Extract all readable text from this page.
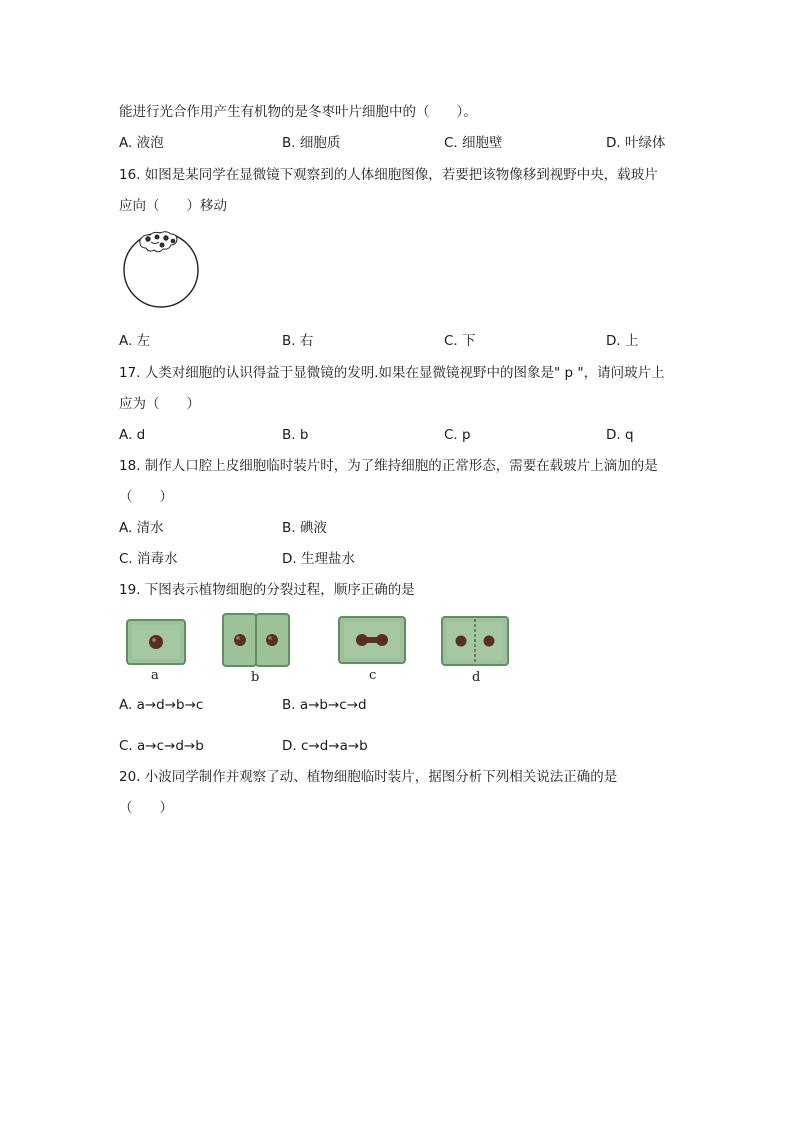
能进行光合作用产生有机物的是冬枣叶片细胞中的（　　）。
A. 液泡	B. 细胞质	C. 细胞壁	D. 叶绿体
16. 如图是某同学在显微镜下观察到的人体细胞图像，若要把该物像移到视野中央，载玻片
应向（　　）移动
A. 左	B. 右	C. 下	D. 上
17. 人类对细胞的认识得益于显微镜的发明.如果在显微镜视野中的图象是" p "，请问玻片上
应为（　　）
A. d	B. b	C. p	D. q
18. 制作人口腔上皮细胞临时装片时，为了维持细胞的正常形态，需要在载玻片上滴加的是
（　　）
A. 清水	B. 碘液
C. 消毒水	D. 生理盐水
19. 下图表示植物细胞的分裂过程，顺序正确的是
a	b	c	d
A. a→d→b→c	B. a→b→c→d
C. a→c→d→b	D. c→d→a→b
20. 小波同学制作并观察了动、植物细胞临时装片，据图分析下列相关说法正确的是
（　　）
